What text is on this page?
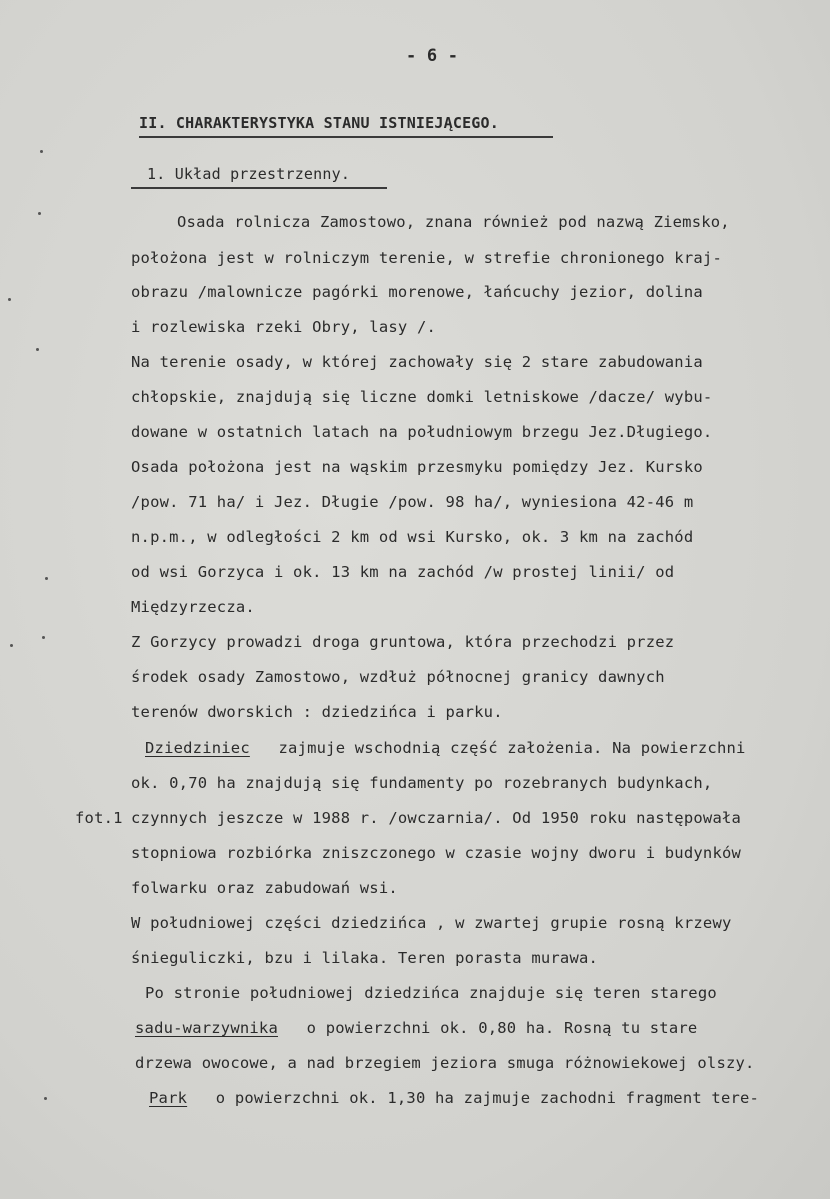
- 6 -
II. CHARAKTERYSTYKA STANU ISTNIEJĄCEGO.
1. Układ przestrzenny.
Osada rolnicza Zamostowo, znana również pod nazwą Ziemsko,
położona jest w rolniczym terenie, w strefie chronionego kraj-
obrazu /malownicze pagórki morenowe, łańcuchy jezior, dolina
i rozlewiska rzeki Obry, lasy /.
Na terenie osady, w której zachowały się 2 stare zabudowania
chłopskie, znajdują się liczne domki letniskowe /dacze/ wybu-
dowane w ostatnich latach na południowym brzegu Jez.Długiego.
Osada położona jest na wąskim przesmyku pomiędzy Jez. Kursko
/pow. 71 ha/ i Jez. Długie /pow. 98 ha/, wyniesiona 42-46 m
n.p.m., w odległości 2 km od wsi Kursko, ok. 3 km na zachód
od wsi Gorzyca i ok. 13 km na zachód /w prostej linii/ od
Międzyrzecza.
Z Gorzycy prowadzi droga gruntowa, która przechodzi przez
środek osady Zamostowo, wzdłuż północnej granicy dawnych
terenów dworskich : dziedzińca i parku.
Dziedziniec zajmuje wschodnią część założenia. Na powierzchni
ok. 0,70 ha znajdują się fundamenty po rozebranych budynkach,
fot.1 czynnych jeszcze w 1988 r. /owczarnia/. Od 1950 roku następowała
stopniowa rozbiórka zniszczonego w czasie wojny dworu i budynków
folwarku oraz zabudowań wsi.
W południowej części dziedzińca , w zwartej grupie rosną krzewy
śnieguliczki, bzu i lilaka. Teren porasta murawa.
Po stronie południowej dziedzińca znajduje się teren starego
sadu-warzywnika o powierzchni ok. 0,80 ha. Rosną tu stare
drzewa owocowe, a nad brzegiem jeziora smuga różnowiekowej olszy.
Park o powierzchni ok. 1,30 ha zajmuje zachodni fragment tere-
